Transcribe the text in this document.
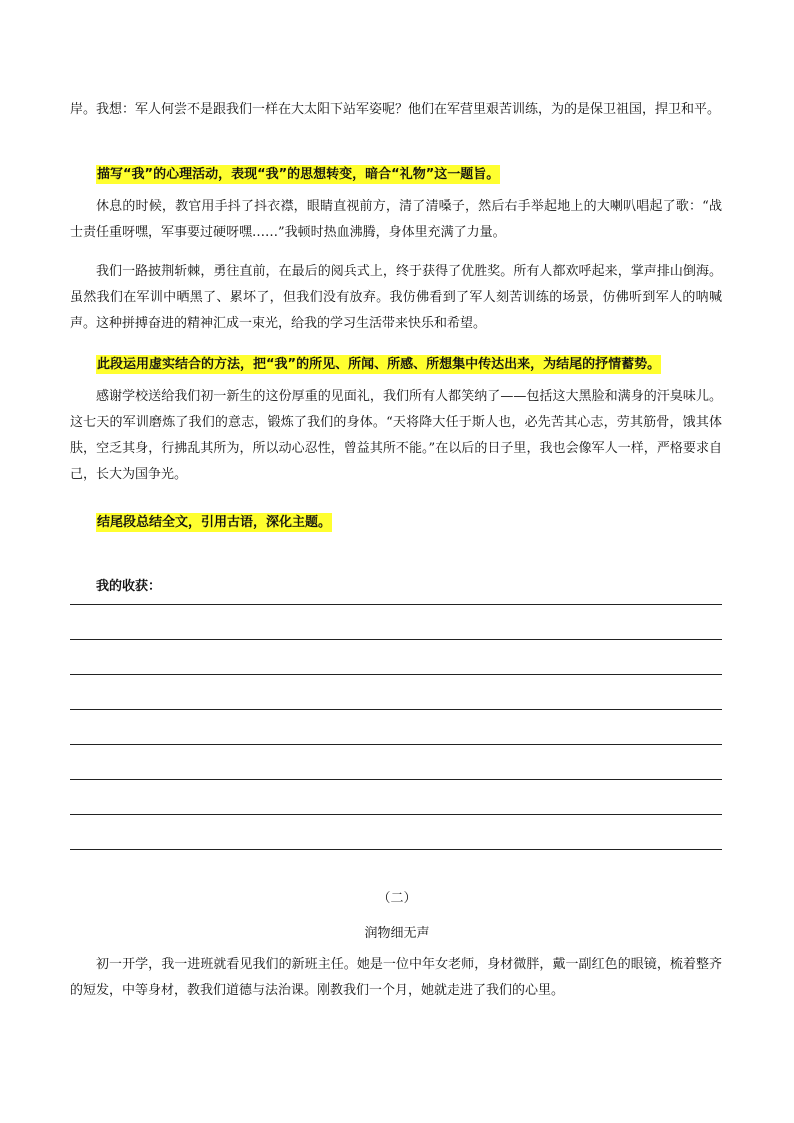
岸。我想：军人何尝不是跟我们一样在大太阳下站军姿呢？他们在军营里艰苦训练，为的是保卫祖国，捍卫和平。

描写“我”的心理活动，表现“我”的思想转变，暗合“礼物”这一题旨。

休息的时候，教官用手抖了抖衣襟，眼睛直视前方，清了清嗓子，然后右手举起地上的大喇叭唱起了歌：“战士责任重呀嘿，军事要过硬呀嘿……”我顿时热血沸腾，身体里充满了力量。

我们一路披荆斩棘，勇往直前，在最后的阅兵式上，终于获得了优胜奖。所有人都欢呼起来，掌声排山倒海。虽然我们在军训中晒黑了、累坏了，但我们没有放弃。我仿佛看到了军人刻苦训练的场景，仿佛听到军人的呐喊声。这种拼搏奋进的精神汇成一束光，给我的学习生活带来快乐和希望。

此段运用虚实结合的方法，把“我”的所见、所闻、所感、所想集中传达出来，为结尾的抒情蓄势。

感谢学校送给我们初一新生的这份厚重的见面礼，我们所有人都笑纳了——包括这大黑脸和满身的汗臭味儿。这七天的军训磨炼了我们的意志，锻炼了我们的身体。“天将降大任于斯人也，必先苦其心志，劳其筋骨，饿其体肤，空乏其身，行拂乱其所为，所以动心忍性，曾益其所不能。”在以后的日子里，我也会像军人一样，严格要求自己，长大为国争光。

结尾段总结全文，引用古语，深化主题。

我的收获：

（二）

润物细无声

初一开学，我一进班就看见我们的新班主任。她是一位中年女老师，身材微胖，戴一副红色的眼镜，梳着整齐的短发，中等身材，教我们道德与法治课。刚教我们一个月，她就走进了我们的心里。
